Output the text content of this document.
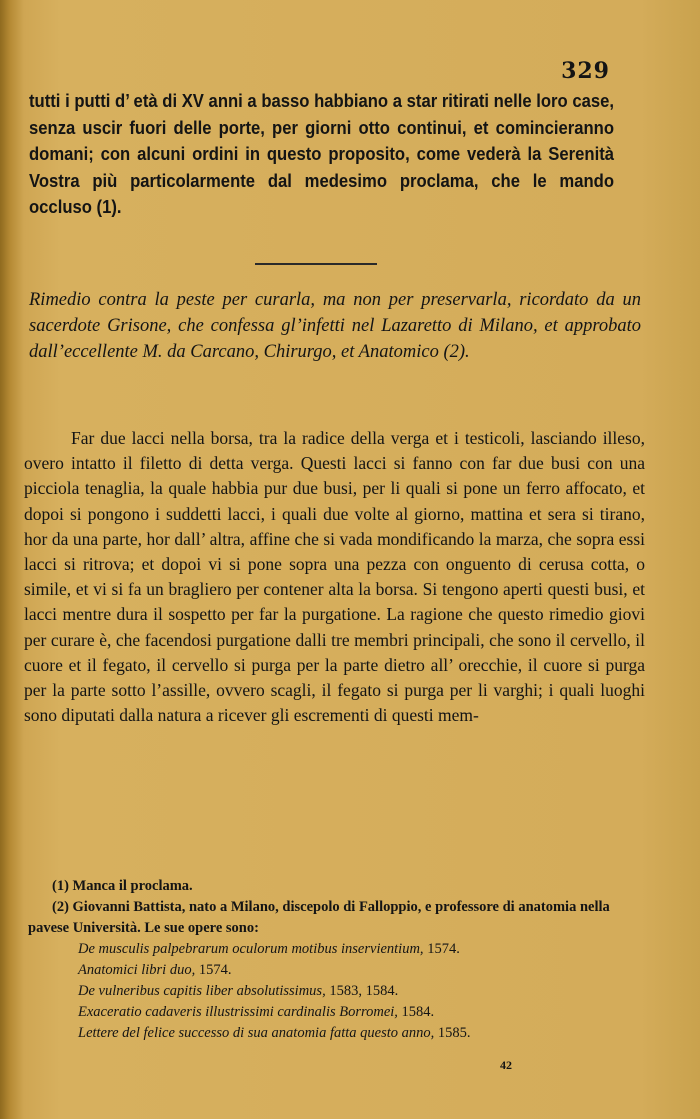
329
tutti i putti d’ età di XV anni a basso habbiano a star ritirati nelle loro case, senza uscir fuori delle porte, per giorni otto continui, et comincieranno domani; con alcuni ordini in questo proposito, come vederà la Serenità Vostra più particolarmente dal medesimo proclama, che le mando occluso (1).
Rimedio contra la peste per curarla, ma non per preservarla, ricordato da un sacerdote Grisone, che confessa gl’infetti nel Lazaretto di Milano, et approbato dall’eccellente M. da Carcano, Chirurgo, et Anatomico (2).

Far due lacci nella borsa, tra la radice della verga et i testicoli, lasciando illeso, overo intatto il filetto di detta verga. Questi lacci si fanno con far due busi con una picciola tenaglia, la quale habbia pur due busi, per li quali si pone un ferro affocato, et dopoi si pongono i suddetti lacci, i quali due volte al giorno, mattina et sera si tirano, hor da una parte, hor dall’ altra, affine che si vada mondificando la marza, che sopra essi lacci si ritrova; et dopoi vi si pone sopra una pezza con onguento di cerusa cotta, o simile, et vi si fa un bragliero per contener alta la borsa. Si tengono aperti questi busi, et lacci mentre dura il sospetto per far la purgatione. La ragione che questo rimedio giovi per curare è, che facendosi purgatione dalli tre membri principali, che sono il cervello, il cuore et il fegato, il cervello si purga per la parte dietro all’ orecchie, il cuore si purga per la parte sotto l’assille, ovvero scagli, il fegato si purga per li varghi; i quali luoghi sono diputati dalla natura a ricever gli escrementi di questi mem-

(1) Manca il proclama.

(2) Giovanni Battista, nato a Milano, discepolo di Falloppio, e professore di anatomia nella pavese Università. Le sue opere sono:

De musculis palpebrarum oculorum motibus inservientium, 1574.

Anatomici libri duo, 1574.

De vulneribus capitis liber absolutissimus, 1583, 1584.

Exaceratio cadaveris illustrissimi cardinalis Borromei, 1584.

Lettere del felice successo di sua anatomia fatta questo anno, 1585.

42
